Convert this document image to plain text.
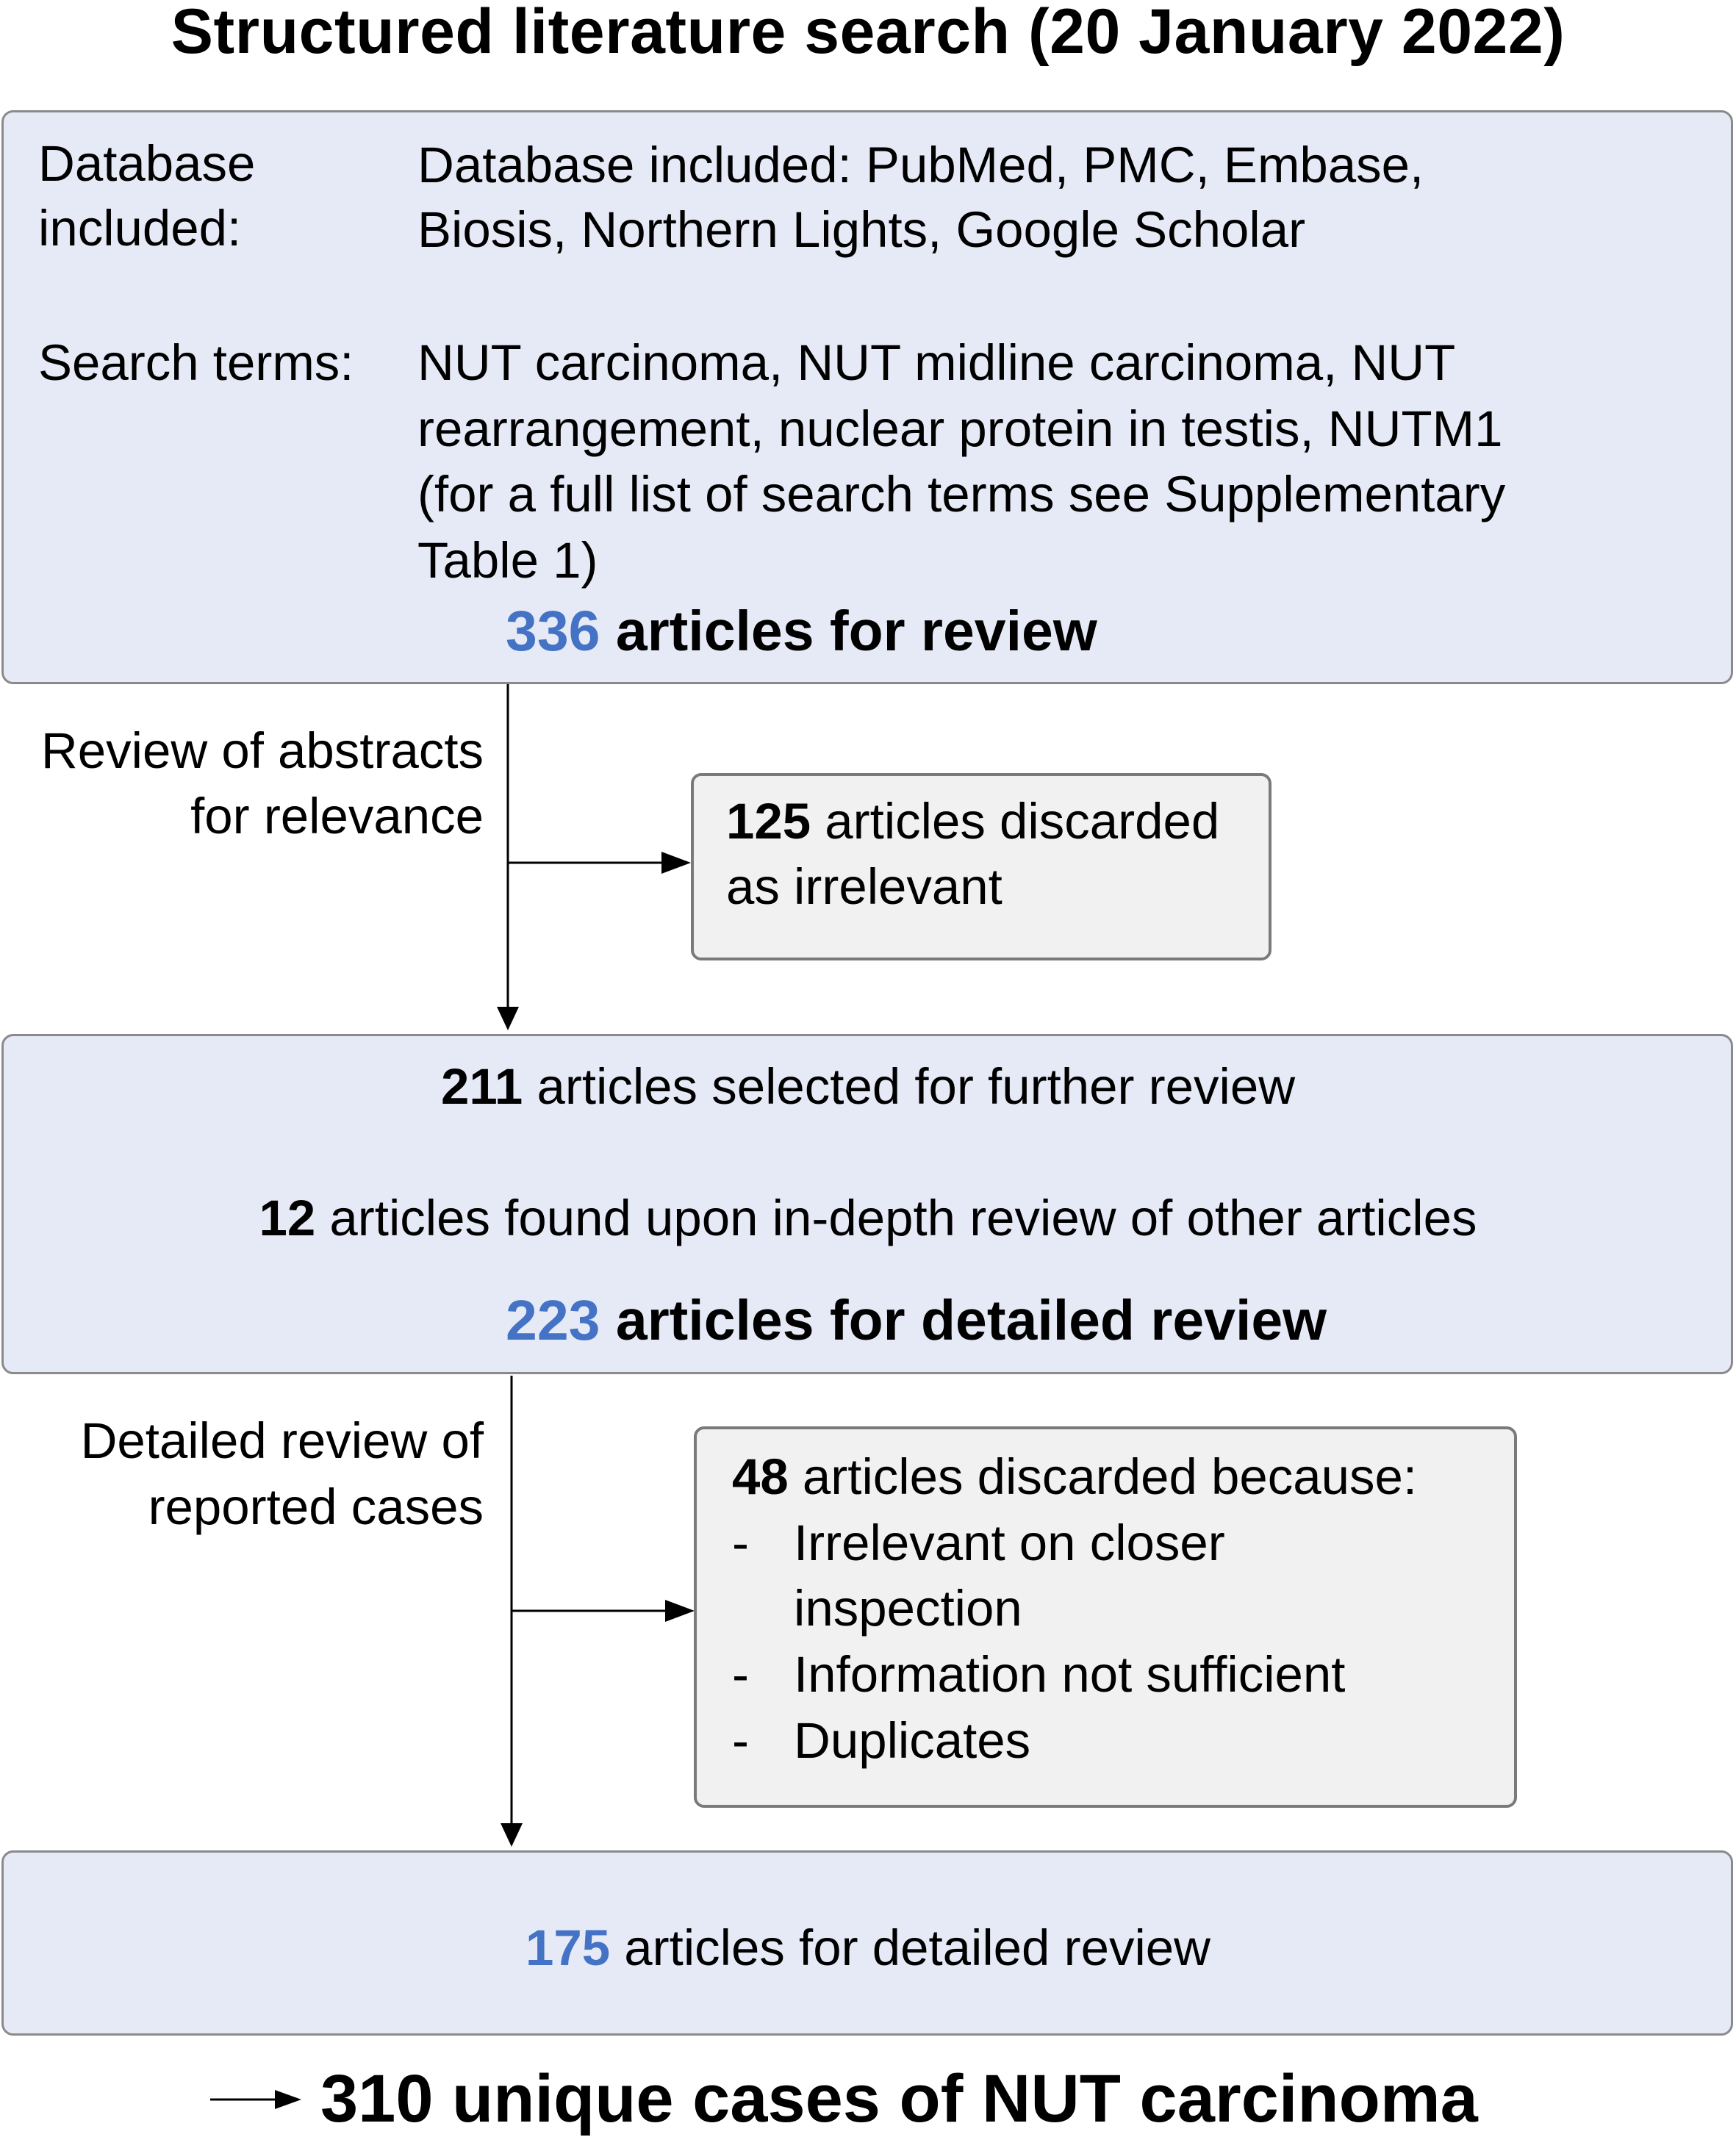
Structured literature search (20 January 2022)
Database
included:
Database included: PubMed, PMC, Embase,
Biosis, Northern Lights, Google Scholar
Search terms: NUT carcinoma, NUT midline carcinoma, NUT
rearrangement, nuclear protein in testis, NUTM1
(for a full list of search terms see Supplementary
Table 1)
336 articles for review
Review of abstracts
for relevance	125 articles discarded
as irrelevant
211 articles selected for further review
12 articles found upon in-depth review of other articles
223 articles for detailed review
Detailed review of
reported cases
48 articles discarded because:
- Irrelevant on closer
inspection
- Information not sufficient
- Duplicates
175 articles for detailed review
310 unique cases of NUT carcinoma
